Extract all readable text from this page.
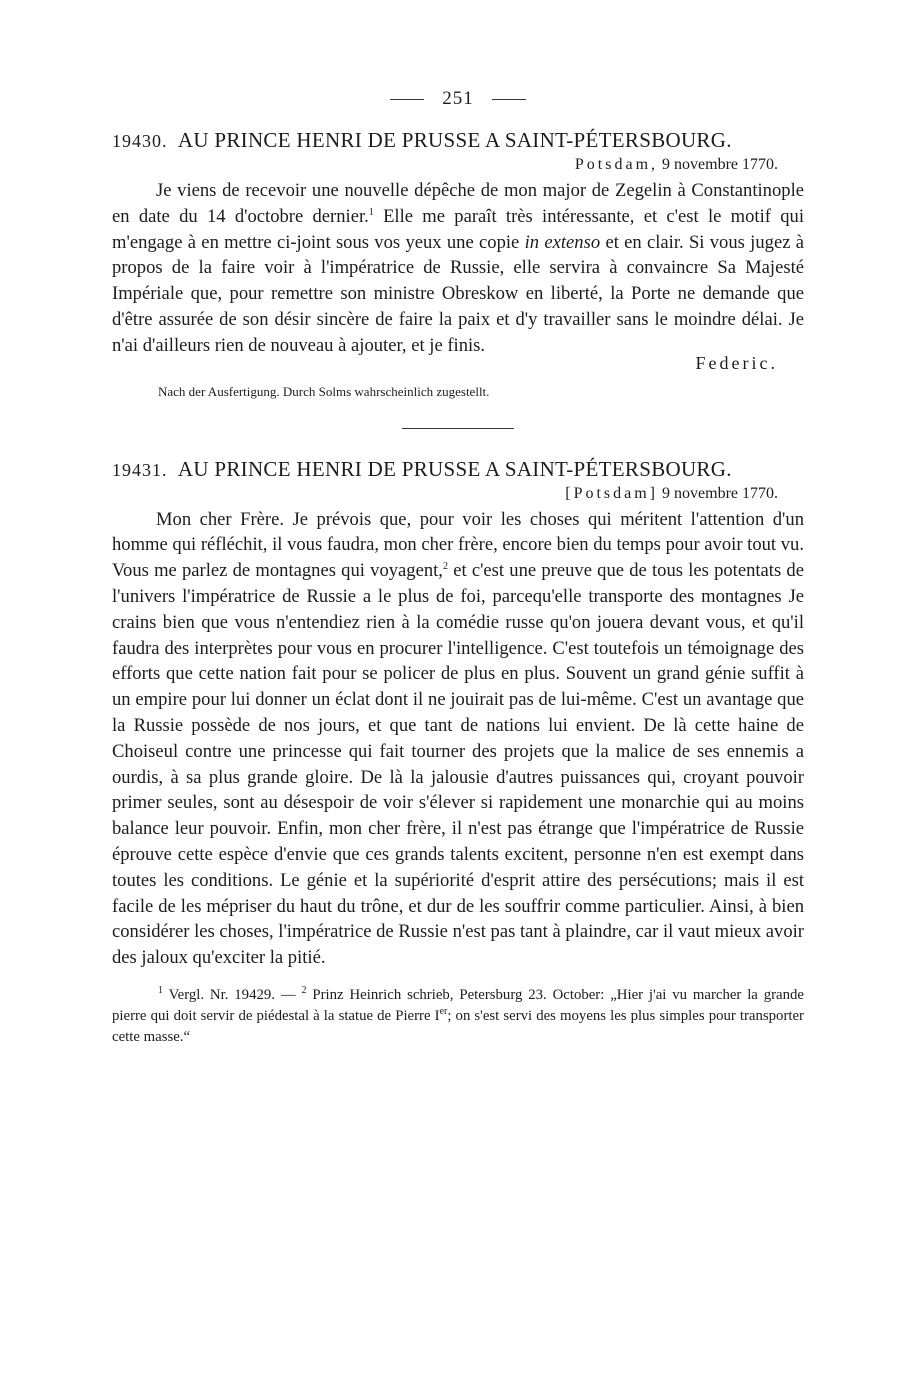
251
19430. AU PRINCE HENRI DE PRUSSE A SAINT-PÉTERSBOURG.
Potsdam, 9 novembre 1770.

Je viens de recevoir une nouvelle dépêche de mon major de Zegelin à Constantinople en date du 14 d'octobre dernier.$^1$ Elle me paraît très intéressante, et c'est le motif qui m'engage à en mettre ci-joint sous vos yeux une copie in extenso et en clair. Si vous jugez à propos de la faire voir à l'impératrice de Russie, elle servira à convaincre Sa Majesté Impériale que, pour remettre son ministre Obreskow en liberté, la Porte ne demande que d'être assurée de son désir sincère de faire la paix et d'y travailler sans le moindre délai. Je n'ai d'ailleurs rien de nouveau à ajouter, et je finis.

Federic.
Nach der Ausfertigung. Durch Solms wahrscheinlich zugestellt.
19431. AU PRINCE HENRI DE PRUSSE A SAINT-PÉTERSBOURG.
[Potsdam] 9 novembre 1770.

Mon cher Frère. Je prévois que, pour voir les choses qui méritent l'attention d'un homme qui réfléchit, il vous faudra, mon cher frère, encore bien du temps pour avoir tout vu. Vous me parlez de montagnes qui voyagent,$^2$ et c'est une preuve que de tous les potentats de l'univers l'impératrice de Russie a le plus de foi, parcequ'elle transporte des montagnes Je crains bien que vous n'entendiez rien à la comédie russe qu'on jouera devant vous, et qu'il faudra des interprètes pour vous en procurer l'intelligence. C'est toutefois un témoignage des efforts que cette nation fait pour se policer de plus en plus. Souvent un grand génie suffit à un empire pour lui donner un éclat dont il ne jouirait pas de lui-même. C'est un avantage que la Russie possède de nos jours, et que tant de nations lui envient. De là cette haine de Choiseul contre une princesse qui fait tourner des projets que la malice de ses ennemis a ourdis, à sa plus grande gloire. De là la jalousie d'autres puissances qui, croyant pouvoir primer seules, sont au désespoir de voir s'élever si rapidement une monarchie qui au moins balance leur pouvoir. Enfin, mon cher frère, il n'est pas étrange que l'impératrice de Russie éprouve cette espèce d'envie que ces grands talents excitent, personne n'en est exempt dans toutes les conditions. Le génie et la supériorité d'esprit attire des persécutions; mais il est facile de les mépriser du haut du trône, et dur de les souffrir comme particulier. Ainsi, à bien considérer les choses, l'impératrice de Russie n'est pas tant à plaindre, car il vaut mieux avoir des jaloux qu'exciter la pitié.

$^1$ Vergl. Nr. 19429. — $^2$ Prinz Heinrich schrieb, Petersburg 23. October: „Hier j'ai vu marcher la grande pierre qui doit servir de piédestal à la statue de Pierre Ier; on s'est servi des moyens les plus simples pour transporter cette masse.“
